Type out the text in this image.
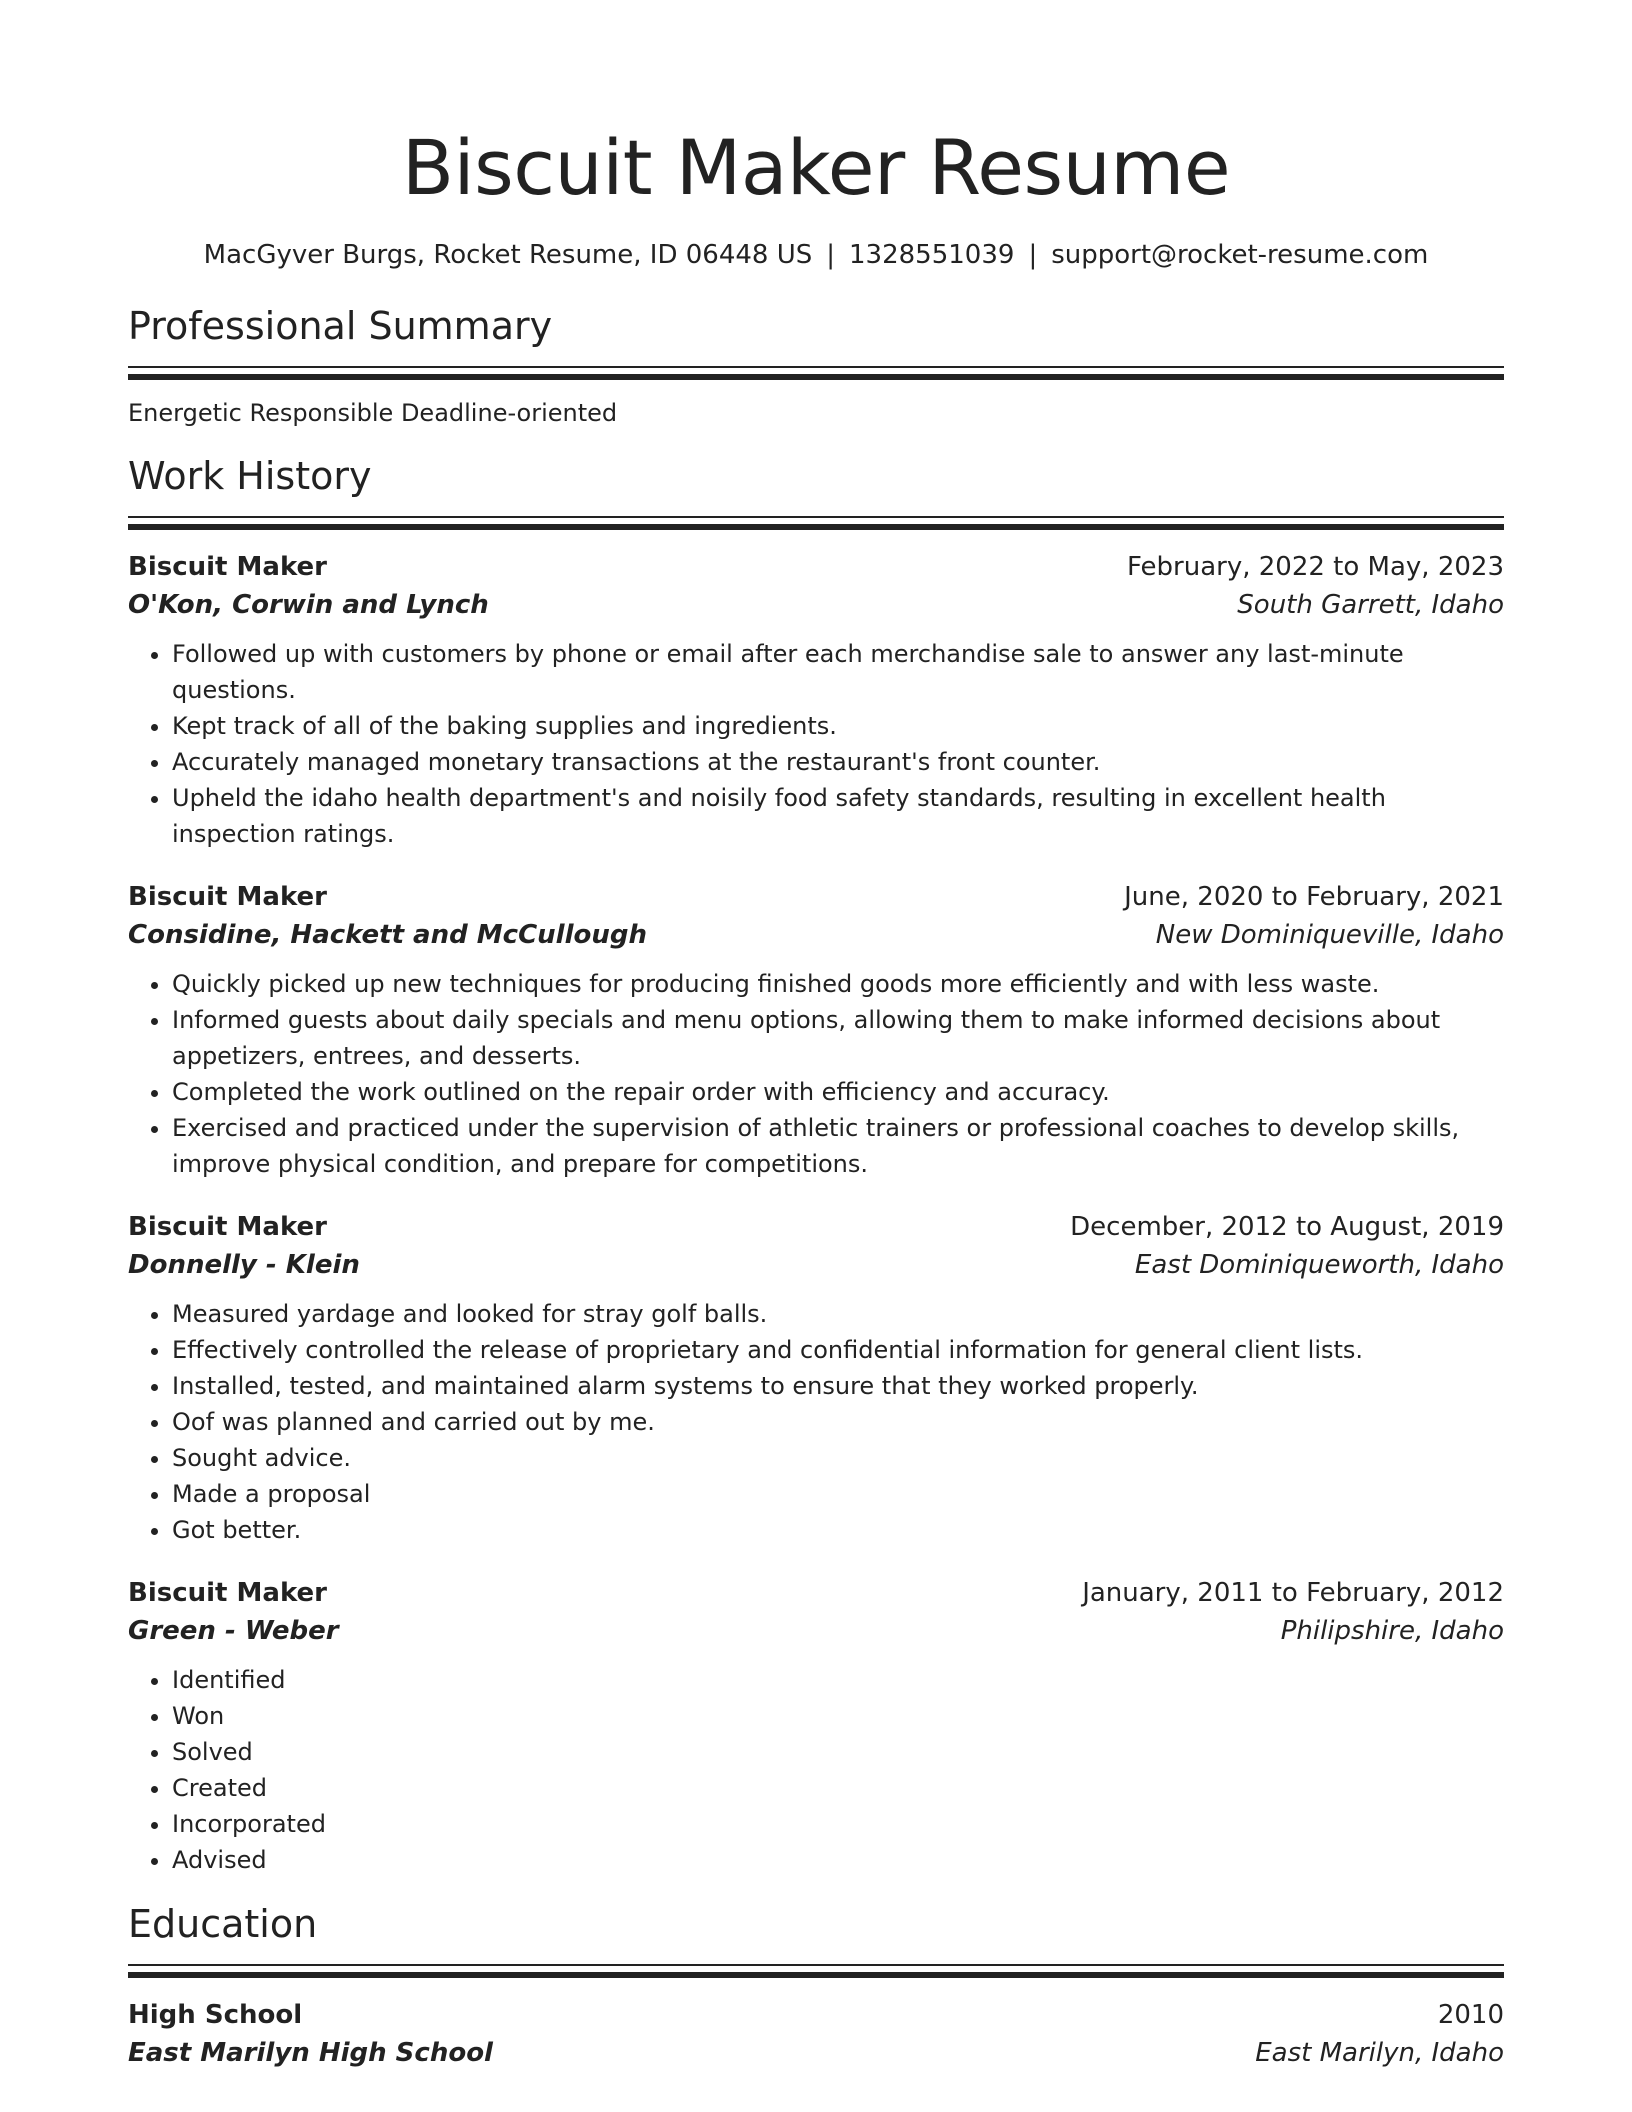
Biscuit Maker Resume
MacGyver Burgs, Rocket Resume, ID 06448 US | 1328551039 | support@rocket-resume.com
Professional Summary
Energetic Responsible Deadline-oriented
Work History
Biscuit Maker	February, 2022 to May, 2023
O'Kon, Corwin and Lynch	South Garrett, Idaho
• Followed up with customers by phone or email after each merchandise sale to answer any last-minute questions.
• Kept track of all of the baking supplies and ingredients.
• Accurately managed monetary transactions at the restaurant's front counter.
• Upheld the idaho health department's and noisily food safety standards, resulting in excellent health inspection ratings.
Biscuit Maker	June, 2020 to February, 2021
Considine, Hackett and McCullough	New Dominiqueville, Idaho
• Quickly picked up new techniques for producing finished goods more efficiently and with less waste.
• Informed guests about daily specials and menu options, allowing them to make informed decisions about appetizers, entrees, and desserts.
• Completed the work outlined on the repair order with efficiency and accuracy.
• Exercised and practiced under the supervision of athletic trainers or professional coaches to develop skills, improve physical condition, and prepare for competitions.
Biscuit Maker	December, 2012 to August, 2019
Donnelly - Klein	East Dominiqueworth, Idaho
• Measured yardage and looked for stray golf balls.
• Effectively controlled the release of proprietary and confidential information for general client lists.
• Installed, tested, and maintained alarm systems to ensure that they worked properly.
• Oof was planned and carried out by me.
• Sought advice.
• Made a proposal
• Got better.
Biscuit Maker	January, 2011 to February, 2012
Green - Weber	Philipshire, Idaho
• Identified
• Won
• Solved
• Created
• Incorporated
• Advised
Education
High School	2010
East Marilyn High School	East Marilyn, Idaho
